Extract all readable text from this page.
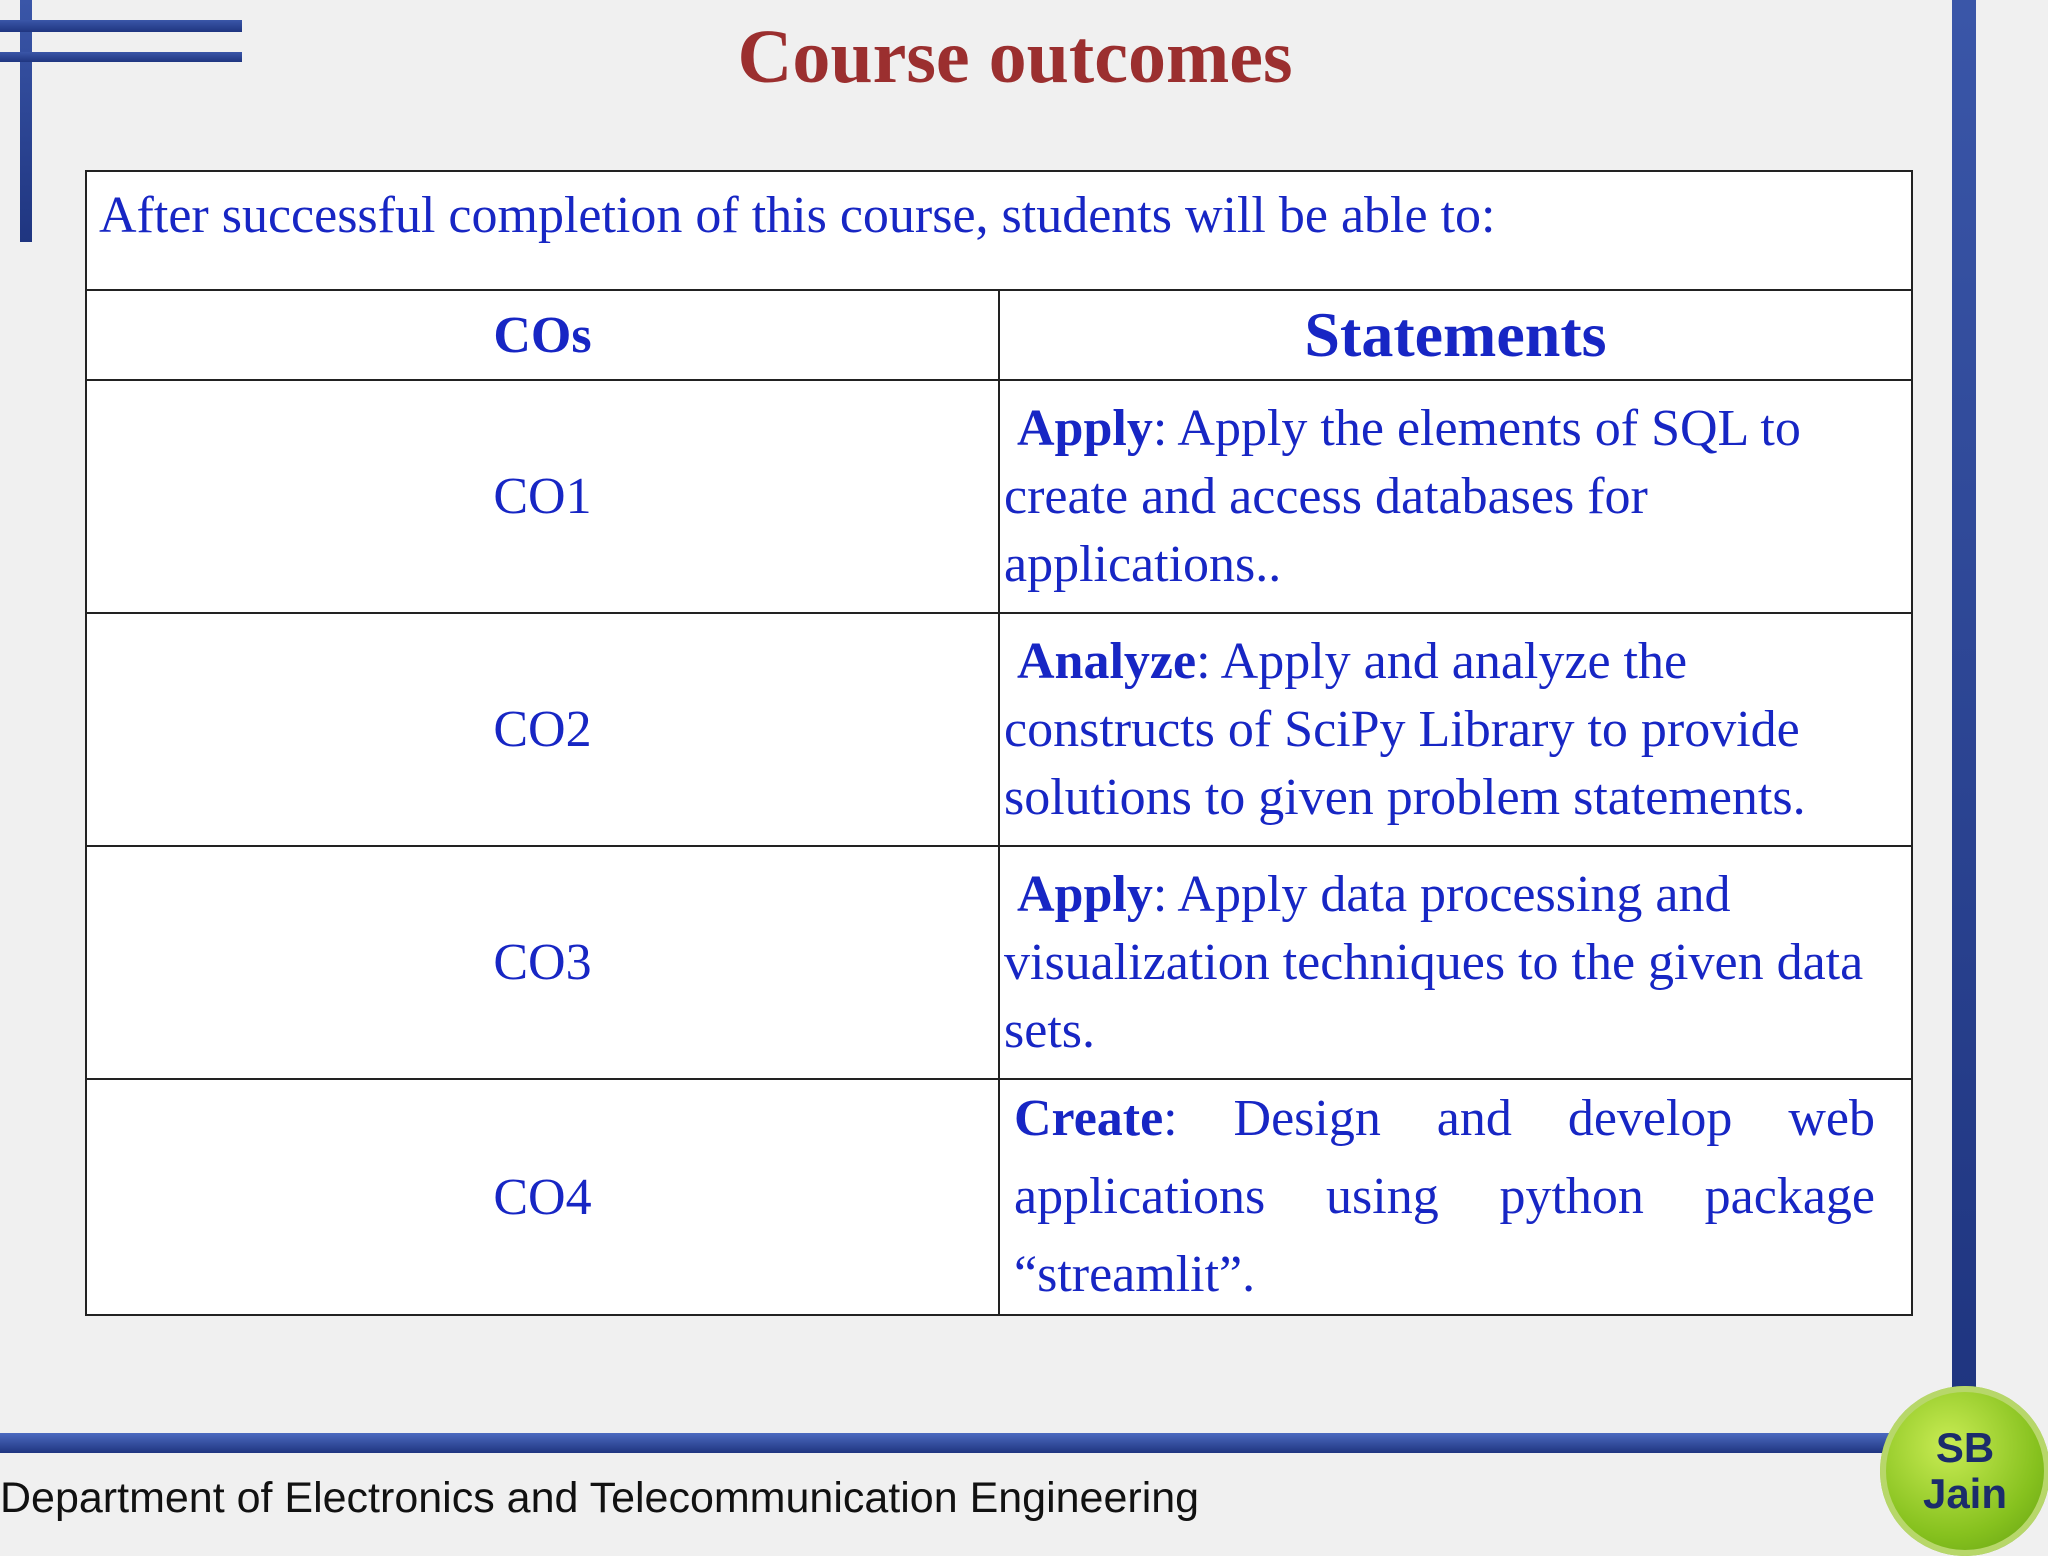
Course outcomes
After successful completion of this course, students will be able to:	
COs	Statements
CO1	Apply: Apply the elements of SQL to create and access databases for applications..
CO2	Analyze: Apply and analyze the constructs of SciPy Library to provide solutions to given problem statements.
CO3	Apply: Apply data processing and visualization techniques to the given data sets.
CO4	Create: Design and develop web applications using python package “streamlit”.
Department of Electronics and Telecommunication Engineering
SB
Jain
